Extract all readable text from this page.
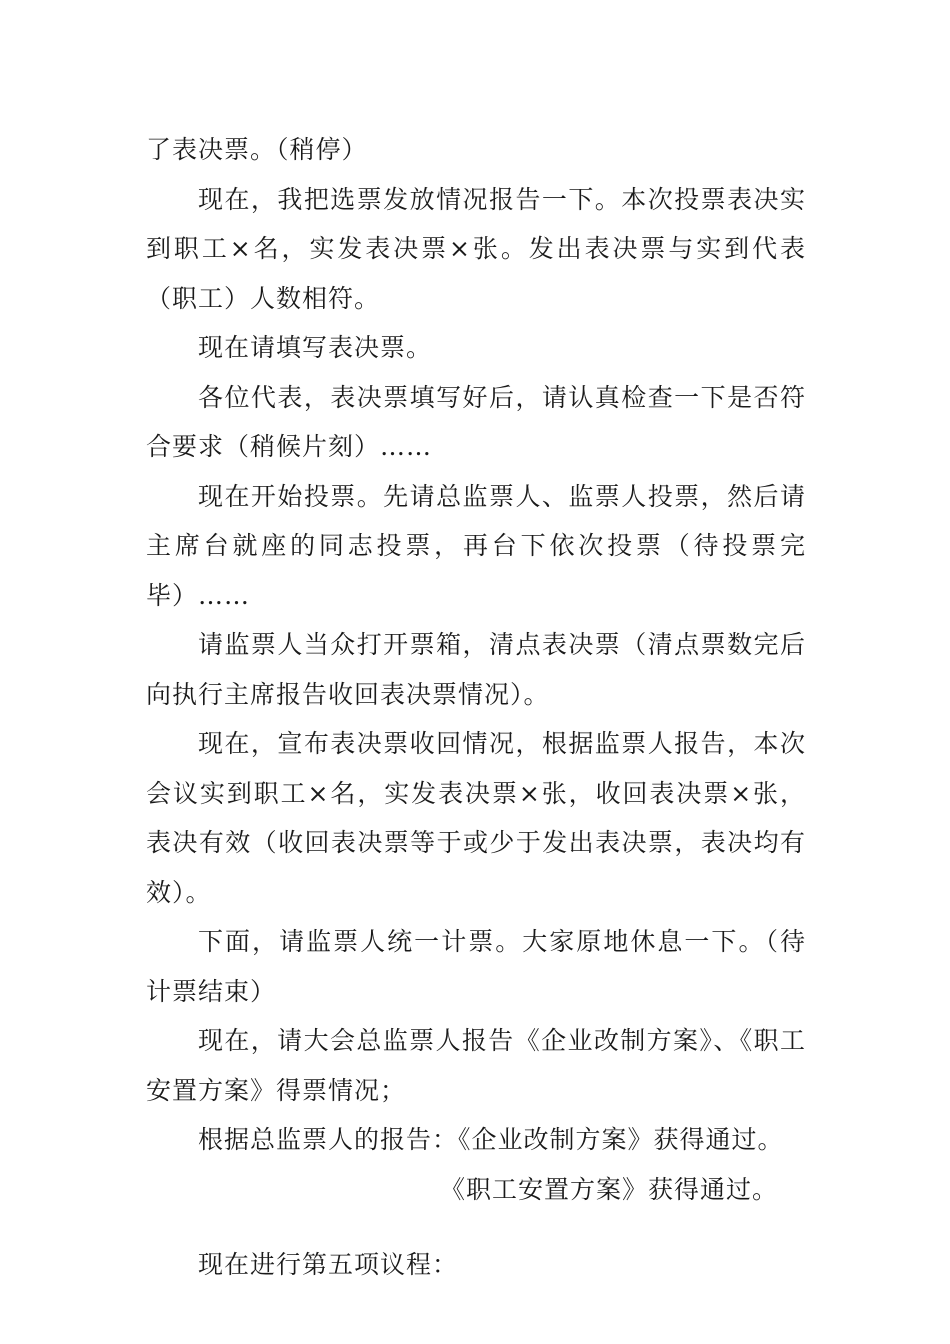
了表决票。（稍停）

现在，我把选票发放情况报告一下。本次投票表决实到职工×名，实发表决票×张。发出表决票与实到代表（职工）人数相符。

现在请填写表决票。

各位代表，表决票填写好后，请认真检查一下是否符合要求（稍候片刻）……

现在开始投票。先请总监票人、监票人投票，然后请主席台就座的同志投票，再台下依次投票（待投票完毕）……

请监票人当众打开票箱，清点表决票（清点票数完后向执行主席报告收回表决票情况）。

现在，宣布表决票收回情况，根据监票人报告，本次会议实到职工×名，实发表决票×张，收回表决票×张，表决有效（收回表决票等于或少于发出表决票，表决均有效）。

下面，请监票人统一计票。大家原地休息一下。（待计票结束）

现在，请大会总监票人报告《企业改制方案》、《职工安置方案》得票情况；

根据总监票人的报告：《企业改制方案》获得通过。

《职工安置方案》获得通过。

现在进行第五项议程：
